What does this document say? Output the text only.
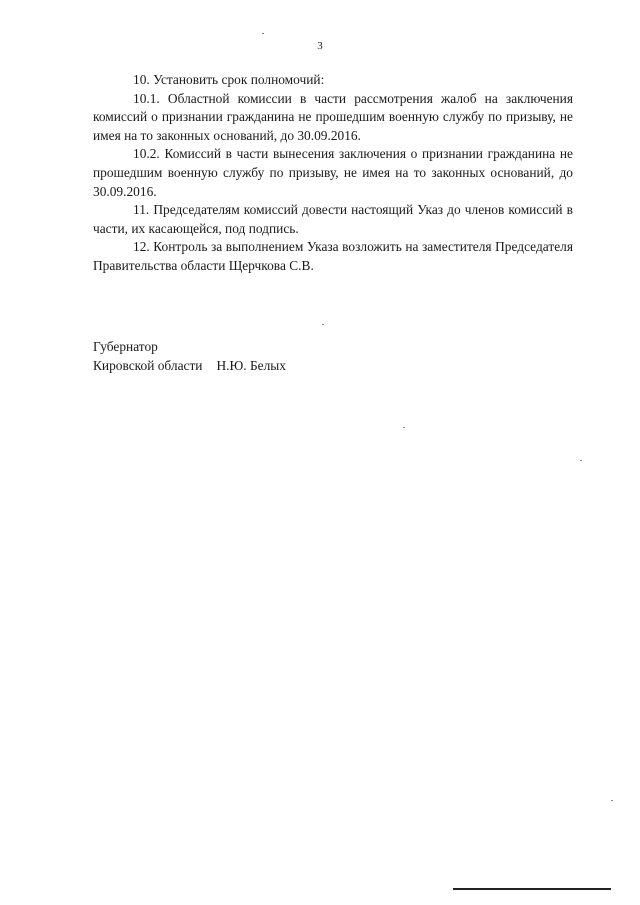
3

10. Установить срок полномочий:

10.1. Областной комиссии в части рассмотрения жалоб на заключения комиссий о признании гражданина не прошедшим военную службу по призыву, не имея на то законных оснований, до 30.09.2016.

10.2. Комиссий в части вынесения заключения о признании гражданина не прошедшим военную службу по призыву, не имея на то законных оснований, до 30.09.2016.

11. Председателям комиссий довести настоящий Указ до членов комиссий в части, их касающейся, под подпись.

12. Контроль за выполнением Указа возложить на заместителя Председателя Правительства области Щерчкова С.В.

Губернатор

Кировской области Н.Ю. Белых
